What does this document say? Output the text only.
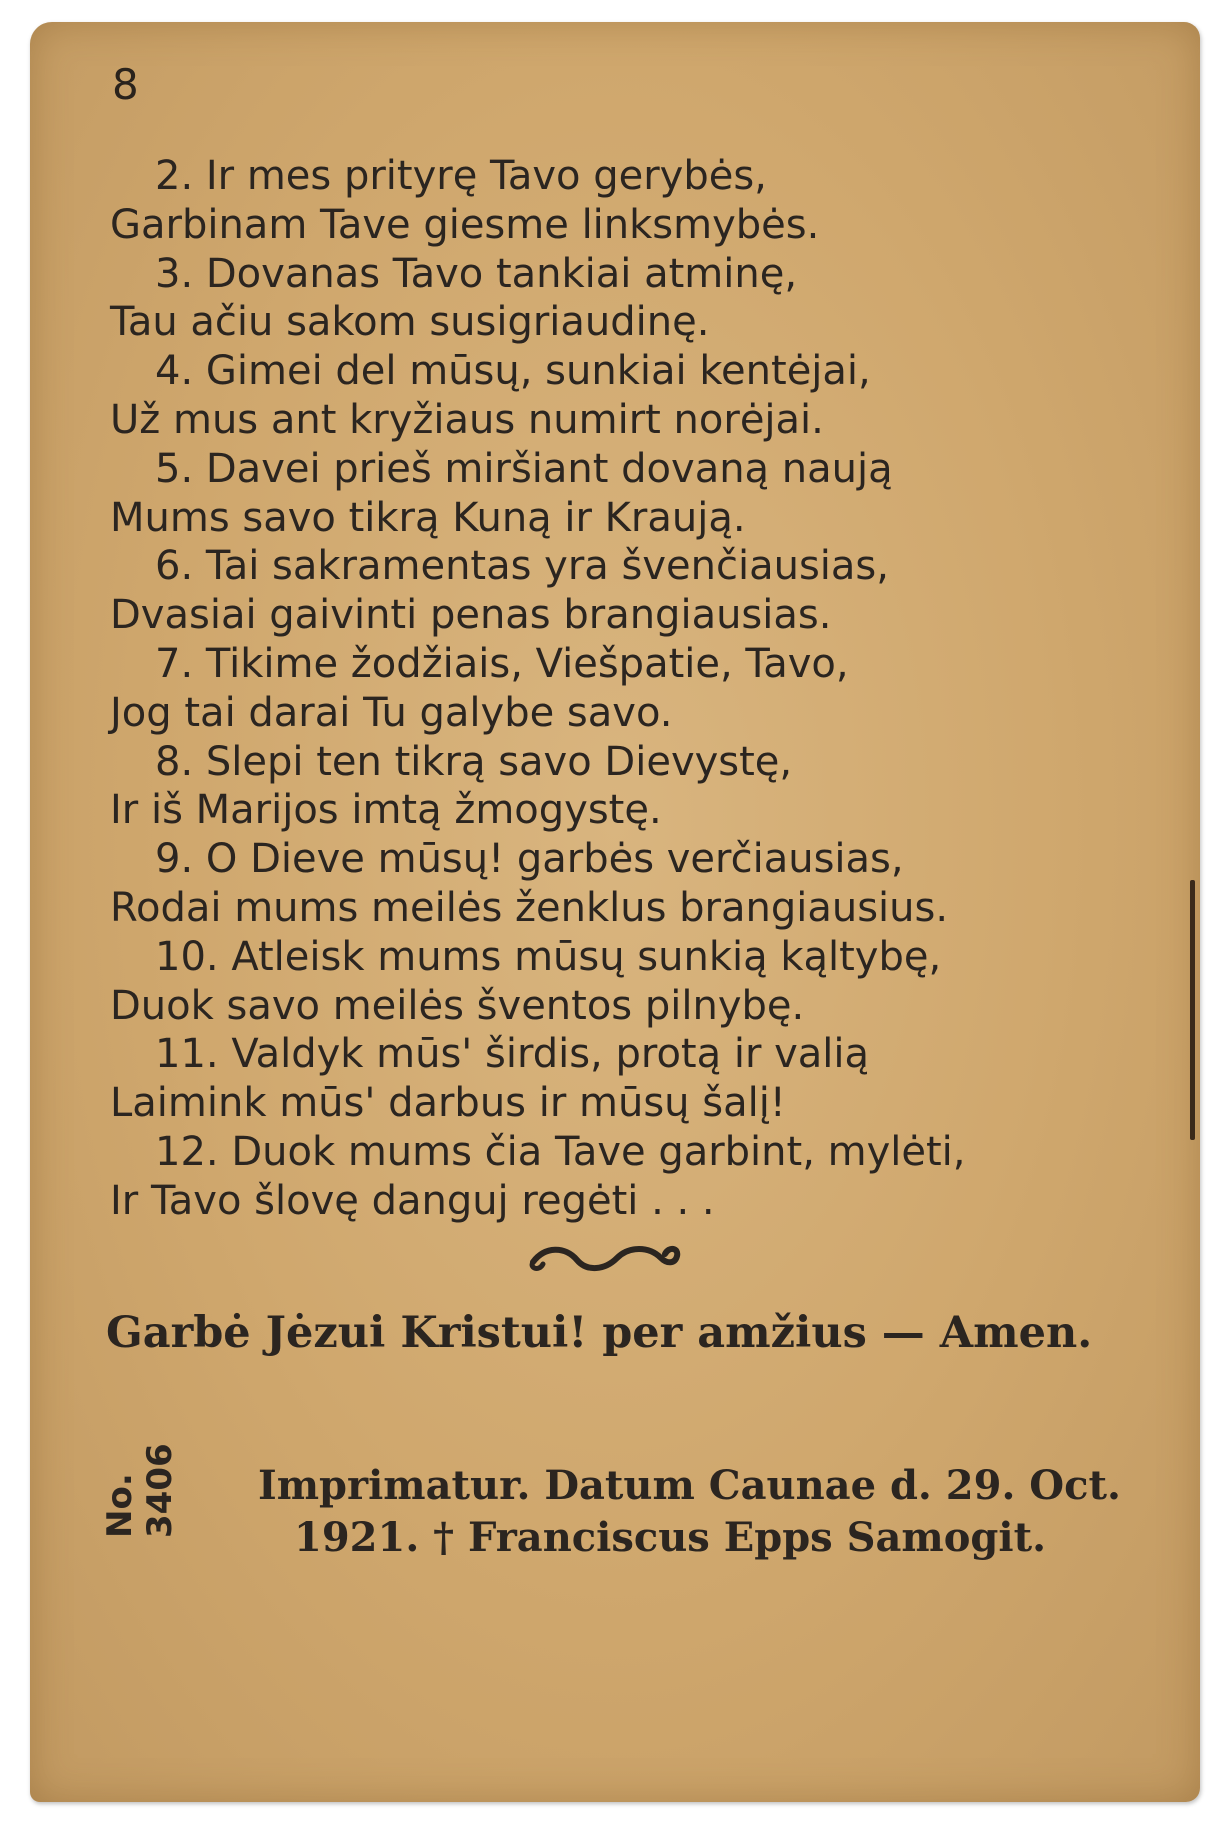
8
2. Ir mes prityrę Tavo gerybės,
Garbinam Tave giesme linksmybės.
3. Dovanas Tavo tankiai atminę,
Tau ačiu sakom susigriaudinę.
4. Gimei del mūsų, sunkiai kentėjai,
Už mus ant kryžiaus numirt norėjai.
5. Davei prieš miršiant dovaną naują
Mums savo tikrą Kuną ir Kraują.
6. Tai sakramentas yra švenčiausias,
Dvasiai gaivinti penas brangiausias.
7. Tikime žodžiais, Viešpatie, Tavo,
Jog tai darai Tu galybe savo.
8. Slepi ten tikrą savo Dievystę,
Ir iš Marijos imtą žmogystę.
9. O Dieve mūsų! garbės verčiausias,
Rodai mums meilės ženklus brangiausius.
10. Atleisk mums mūsų sunkią kąltybę,
Duok savo meilės šventos pilnybę.
11. Valdyk mūs' širdis, protą ir valią
Laimink mūs' darbus ir mūsų šalį!
12. Duok mums čia Tave garbint, mylėti,
Ir Tavo šlovę danguj regėti . . .
Garbė Jėzui Kristui! per amžius — Amen.
No. 3406 Imprimatur. Datum Caunae d. 29. Oct.
1921. † Franciscus Epps Samogit.
